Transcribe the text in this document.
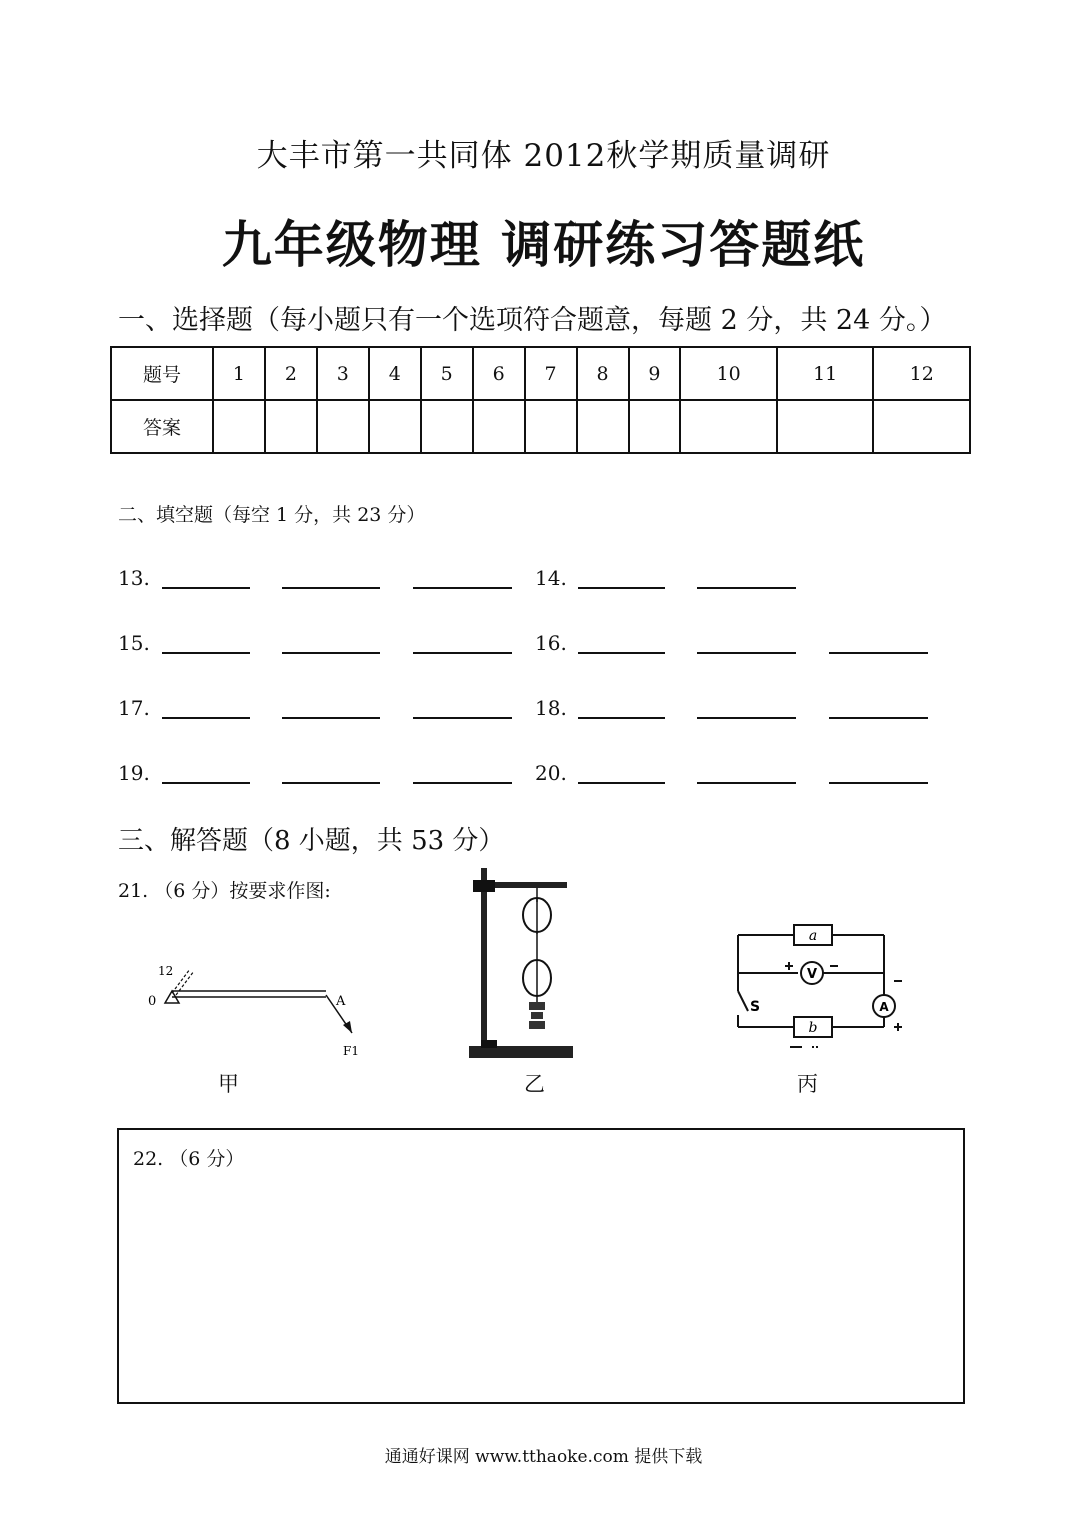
大丰市第一共同体 2012秋学期质量调研
九年级物理 调研练习答题纸
一、选择题（每小题只有一个选项符合题意，每题 2 分，共 24 分。）
题号	1	2	3	4	5	6	7	8	9	10	11	12
答案												
二、填空题（每空 1 分，共 23 分）
13.	14.
15.	16.
17.	18.
19.	20.
三、解答题（8 小题，共 53 分）
21. （6 分）按要求作图:
12
0	A
F1
甲	乙
a
b
V
A
S
丙
22. （6 分）
通通好课网 www.tthaoke.com 提供下载
